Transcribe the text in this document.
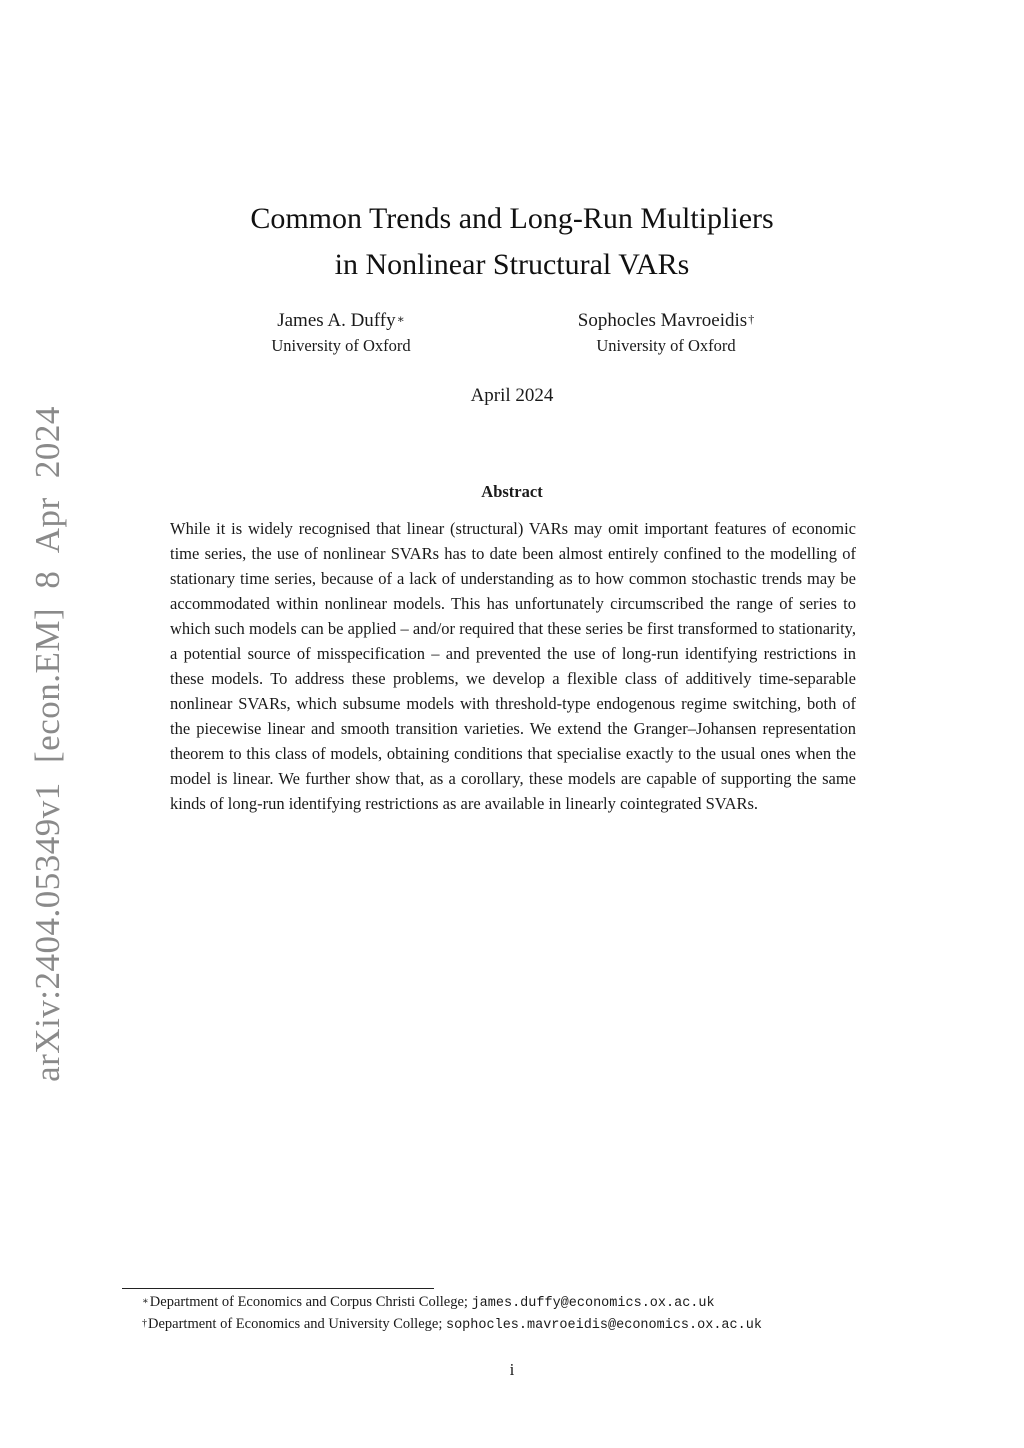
arXiv:2404.05349v1 [econ.EM] 8 Apr 2024
Common Trends and Long-Run Multipliers
in Nonlinear Structural VARs
James A. Duffy∗
University of Oxford
Sophocles Mavroeidis†
University of Oxford
April 2024
Abstract
While it is widely recognised that linear (structural) VARs may omit important features of economic time series, the use of nonlinear SVARs has to date been almost entirely confined to the modelling of stationary time series, because of a lack of understanding as to how common stochastic trends may be accommodated within nonlinear models. This has unfortunately circumscribed the range of series to which such models can be applied – and/or required that these series be first transformed to stationarity, a potential source of misspecification – and prevented the use of long-run identifying restrictions in these models. To address these problems, we develop a flexible class of additively time-separable nonlinear SVARs, which subsume models with threshold-type endogenous regime switching, both of the piecewise linear and smooth transition varieties. We extend the Granger–Johansen representation theorem to this class of models, obtaining conditions that specialise exactly to the usual ones when the model is linear. We further show that, as a corollary, these models are capable of supporting the same kinds of long-run identifying restrictions as are available in linearly cointegrated SVARs.
∗Department of Economics and Corpus Christi College; james.duffy@economics.ox.ac.uk
†Department of Economics and University College; sophocles.mavroeidis@economics.ox.ac.uk
i
